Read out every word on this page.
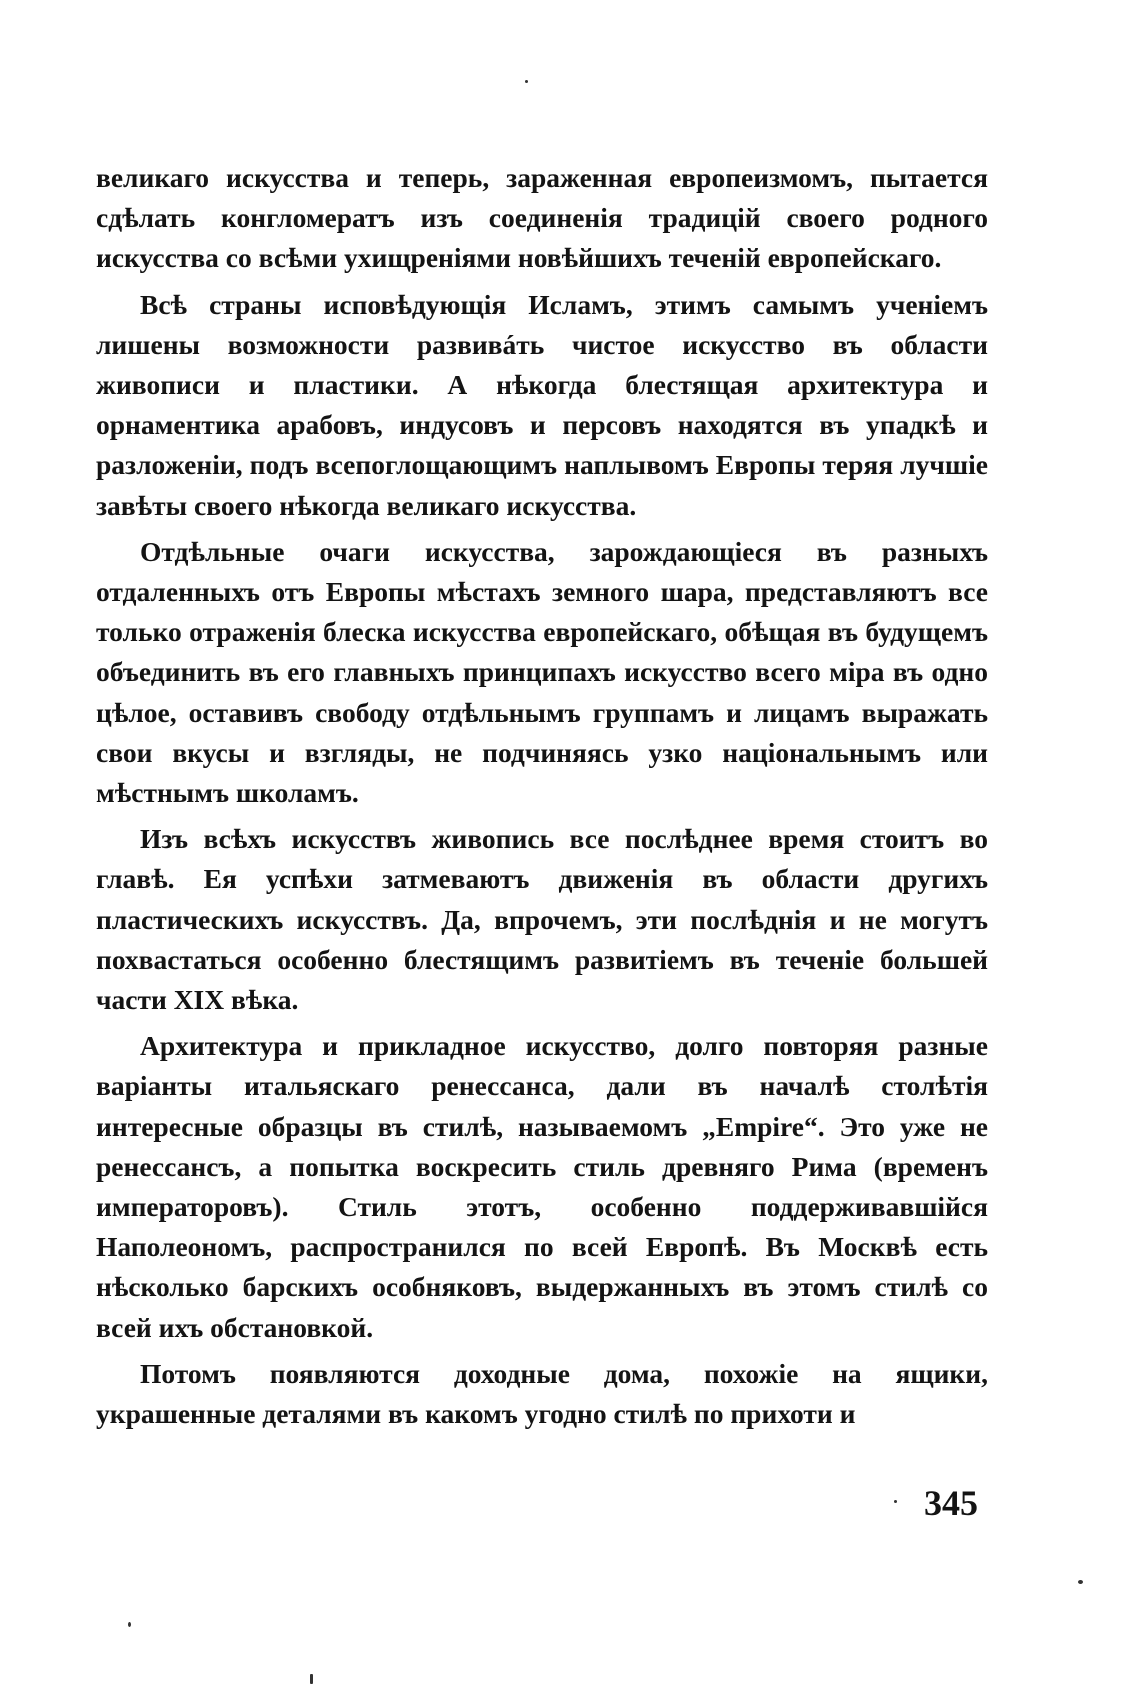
великаго искусства и теперь, зараженная европеизмомъ, пытается сдѣлать конгломератъ изъ соединенія традицій своего родного искусства со всѣми ухищреніями новѣйшихъ теченій европейскаго.

Всѣ страны исповѣдующія Исламъ, этимъ самымъ ученіемъ лишены возможности развивáть чистое искусство въ области живописи и пластики. А нѣкогда блестящая архитектура и орнаментика арабовъ, индусовъ и персовъ находятся въ упадкѣ и разложеніи, подъ всепоглощающимъ наплывомъ Европы теряя лучшіе завѣты своего нѣкогда великаго искусства.

Отдѣльные очаги искусства, зарождающіеся въ разныхъ отдаленныхъ отъ Европы мѣстахъ земного шара, представляютъ все только отраженія блеска искусства европейскаго, обѣщая въ будущемъ объединить въ его главныхъ принципахъ искусство всего міра въ одно цѣлое, оставивъ свободу отдѣльнымъ группамъ и лицамъ выражать свои вкусы и взгляды, не подчиняясь узко національнымъ или мѣстнымъ школамъ.

Изъ всѣхъ искусствъ живопись все послѣднее время стоитъ во главѣ. Ея успѣхи затмеваютъ движенія въ области другихъ пластическихъ искусствъ. Да, впрочемъ, эти послѣднія и не могутъ похвастаться особенно блестящимъ развитіемъ въ теченіе большей части XIX вѣка.

Архитектура и прикладное искусство, долго повторяя разные варіанты итальяскаго ренессанса, дали въ началѣ столѣтія интересные образцы въ стилѣ, называемомъ „Empire“. Это уже не ренессансъ, а попытка воскресить стиль древняго Рима (временъ императоровъ). Стиль этотъ, особенно поддерживавшійся Наполеономъ, распространился по всей Европѣ. Въ Москвѣ есть нѣсколько барскихъ особняковъ, выдержанныхъ въ этомъ стилѣ со всей ихъ обстановкой.

Потомъ появляются доходные дома, похожіе на ящики, украшенные деталями въ какомъ угодно стилѣ по прихоти и

345
